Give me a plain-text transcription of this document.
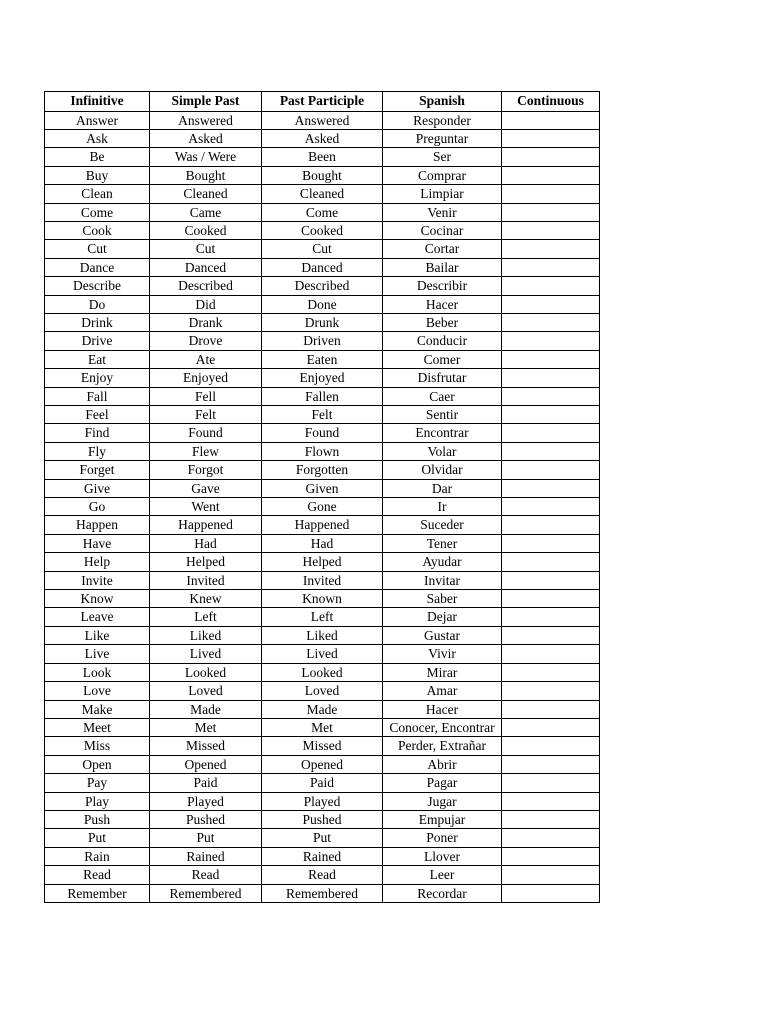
Infinitive	Simple Past	Past Participle	Spanish	Continuous
Answer	Answered	Answered	Responder	
Ask	Asked	Asked	Preguntar	
Be	Was / Were	Been	Ser	
Buy	Bought	Bought	Comprar	
Clean	Cleaned	Cleaned	Limpiar	
Come	Came	Come	Venir	
Cook	Cooked	Cooked	Cocinar	
Cut	Cut	Cut	Cortar	
Dance	Danced	Danced	Bailar	
Describe	Described	Described	Describir	
Do	Did	Done	Hacer	
Drink	Drank	Drunk	Beber	
Drive	Drove	Driven	Conducir	
Eat	Ate	Eaten	Comer	
Enjoy	Enjoyed	Enjoyed	Disfrutar	
Fall	Fell	Fallen	Caer	
Feel	Felt	Felt	Sentir	
Find	Found	Found	Encontrar	
Fly	Flew	Flown	Volar	
Forget	Forgot	Forgotten	Olvidar	
Give	Gave	Given	Dar	
Go	Went	Gone	Ir	
Happen	Happened	Happened	Suceder	
Have	Had	Had	Tener	
Help	Helped	Helped	Ayudar	
Invite	Invited	Invited	Invitar	
Know	Knew	Known	Saber	
Leave	Left	Left	Dejar	
Like	Liked	Liked	Gustar	
Live	Lived	Lived	Vivir	
Look	Looked	Looked	Mirar	
Love	Loved	Loved	Amar	
Make	Made	Made	Hacer	
Meet	Met	Met	Conocer, Encontrar	
Miss	Missed	Missed	Perder, Extrañar	
Open	Opened	Opened	Abrir	
Pay	Paid	Paid	Pagar	
Play	Played	Played	Jugar	
Push	Pushed	Pushed	Empujar	
Put	Put	Put	Poner	
Rain	Rained	Rained	Llover	
Read	Read	Read	Leer	
Remember	Remembered	Remembered	Recordar	
